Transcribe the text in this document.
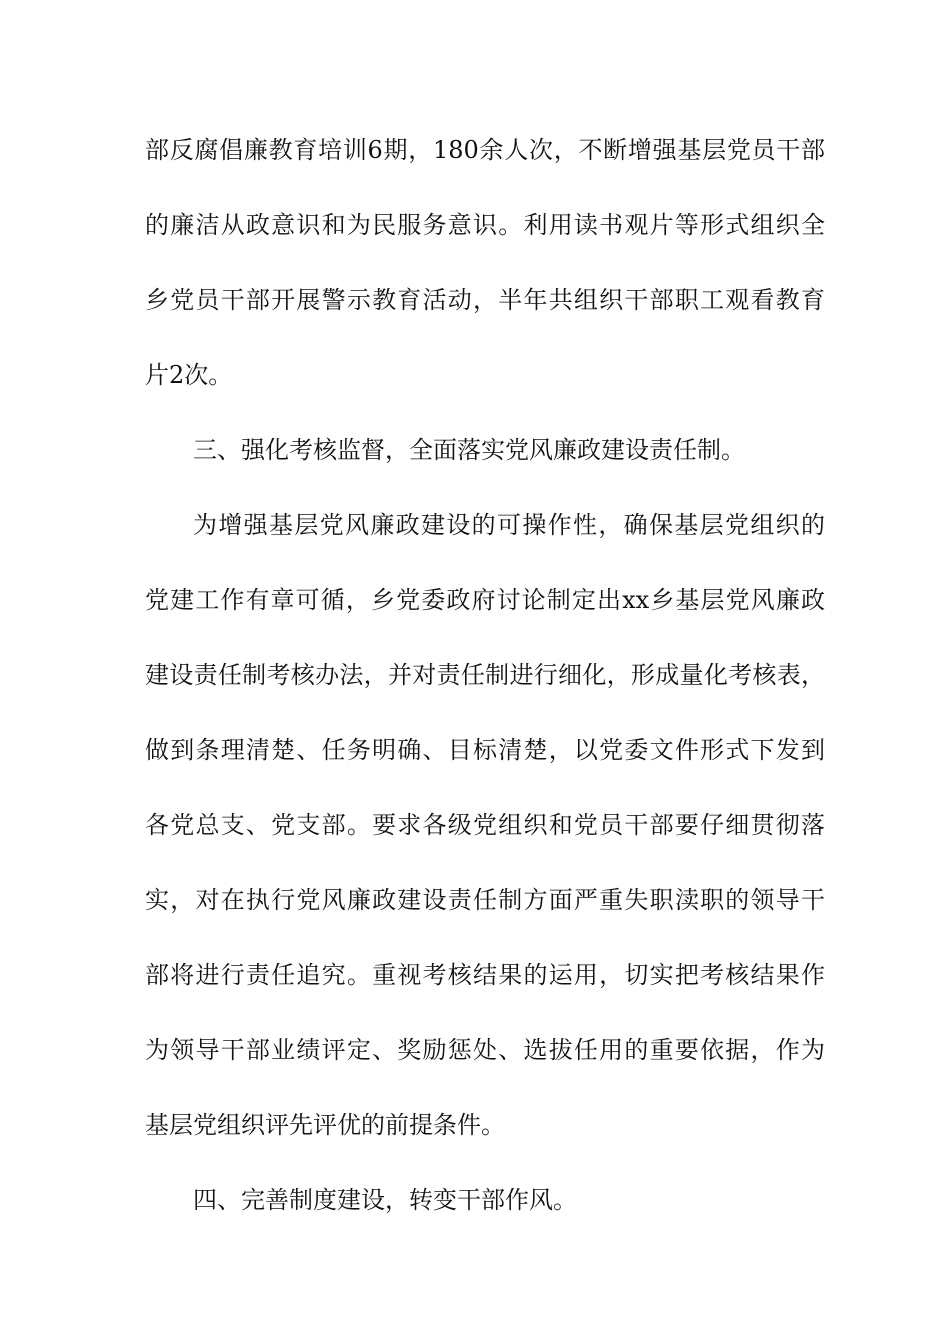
部反腐倡廉教育培训6期，180余人次，不断增强基层党员干部
的廉洁从政意识和为民服务意识。利用读书观片等形式组织全
乡党员干部开展警示教育活动，半年共组织干部职工观看教育
片2次。
三、强化考核监督，全面落实党风廉政建设责任制。
为增强基层党风廉政建设的可操作性，确保基层党组织的
党建工作有章可循，乡党委政府讨论制定出xx乡基层党风廉政
建设责任制考核办法，并对责任制进行细化，形成量化考核表，
做到条理清楚、任务明确、目标清楚，以党委文件形式下发到
各党总支、党支部。要求各级党组织和党员干部要仔细贯彻落
实，对在执行党风廉政建设责任制方面严重失职渎职的领导干
部将进行责任追究。重视考核结果的运用，切实把考核结果作
为领导干部业绩评定、奖励惩处、选拔任用的重要依据，作为
基层党组织评先评优的前提条件。
四、完善制度建设，转变干部作风。
